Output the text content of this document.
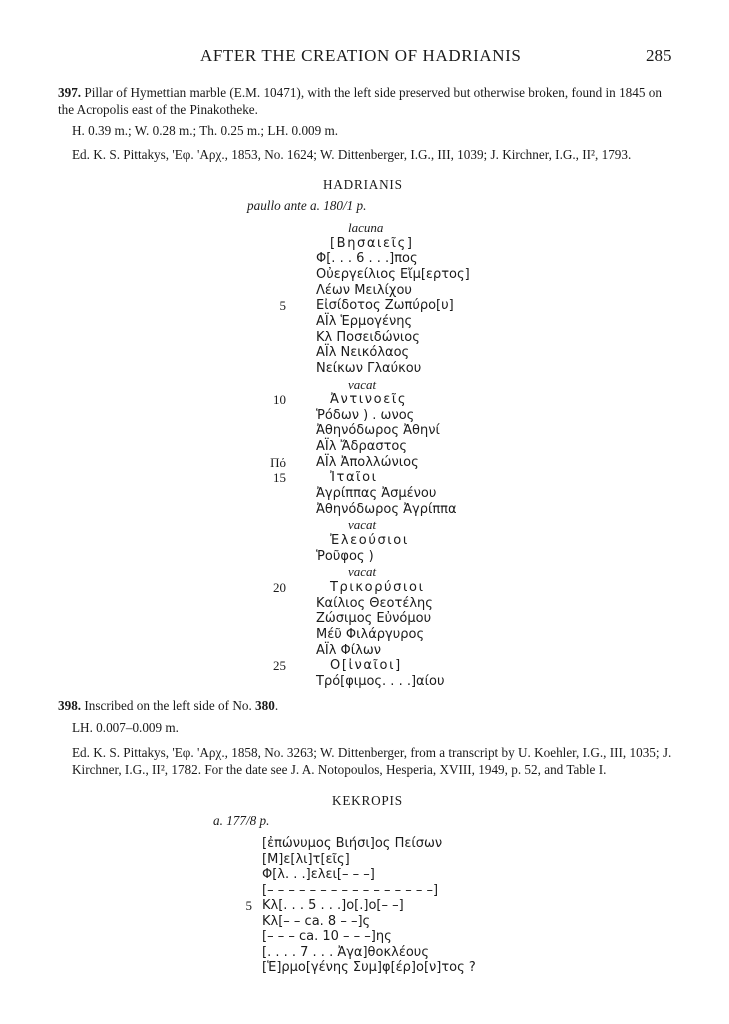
AFTER THE CREATION OF HADRIANIS	285
397. Pillar of Hymettian marble (E.M. 10471), with the left side preserved but otherwise broken, found in 1845 on the Acropolis east of the Pinakotheke.
H. 0.39 m.; W. 0.28 m.; Th. 0.25 m.; LH. 0.009 m.
Ed. K. S. Pittakys, 'Εφ. 'Αρχ., 1853, No. 1624; W. Dittenberger, I.G., III, 1039; J. Kirchner, I.G., II², 1793.
HADRIANIS
paullo ante a. 180/1 p.
lacuna
[Βησαιεῖς]
Φ[. . . 6 . . .]πος
Οὐεργείλιος Εἴμ[ερτος]
Λέων Μειλίχου
5 Εἰσίδοτος Ζωπύρο[υ]
ΑΪλ Ἑρμογένης
Κλ Ποσειδώνιος
ΑΪλ Νεικόλαος
Νείκων Γλαύκου
vacat
10	Ἀντινοεῖς
Ῥόδων ) . ωνος
Ἀθηνόδωρος Ἀθηνί
ΑΪλ Ἄδραστος
Πό ΑΪλ Ἀπολλώνιος
15	Ἰταῖοι
Ἀγρίππας Ἀσμένου
Ἀθηνόδωρος Ἀγρίππα
vacat
Ἐλεούσιοι
Ῥοῦφος )
vacat
20	Τρικορύσιοι
Καίλιος Θεοτέλης
Ζώσιμος Εὐνόμου
Μέῦ Φιλάργυρος
ΑΪλ Φίλων
25	Ο[ἰναῖοι]
Τρό[φιμος. . . .]αίου
398. Inscribed on the left side of No. 380.
LH. 0.007–0.009 m.
Ed. K. S. Pittakys, 'Εφ. 'Αρχ., 1858, No. 3263; W. Dittenberger, from a transcript by U. Koehler, I.G., III, 1035; J. Kirchner, I.G., II², 1782. For the date see J. A. Notopoulos, Hesperia, XVIII, 1949, p. 52, and Table I.
KEKROPIS
a. 177/8 p.
[ἐπώνυμος Βιήσι]ος Πείσων
[Μ]ε[λι]τ[εῖς]
Φ[λ. . .]ελει[– – –]
[– – – – – – – – – – – – – – – –]
5 Κλ[. . . 5 . . .]ο[.]ο[– –]
Κλ[– – ca. 8 – –]ς
[– – – ca. 10 – – –]ης
[. . . . 7 . . . Ἀγα]θοκλέους
[Ἑ]ρμο[γένης Συμ]φ[έρ]ο[ν]τος ?
